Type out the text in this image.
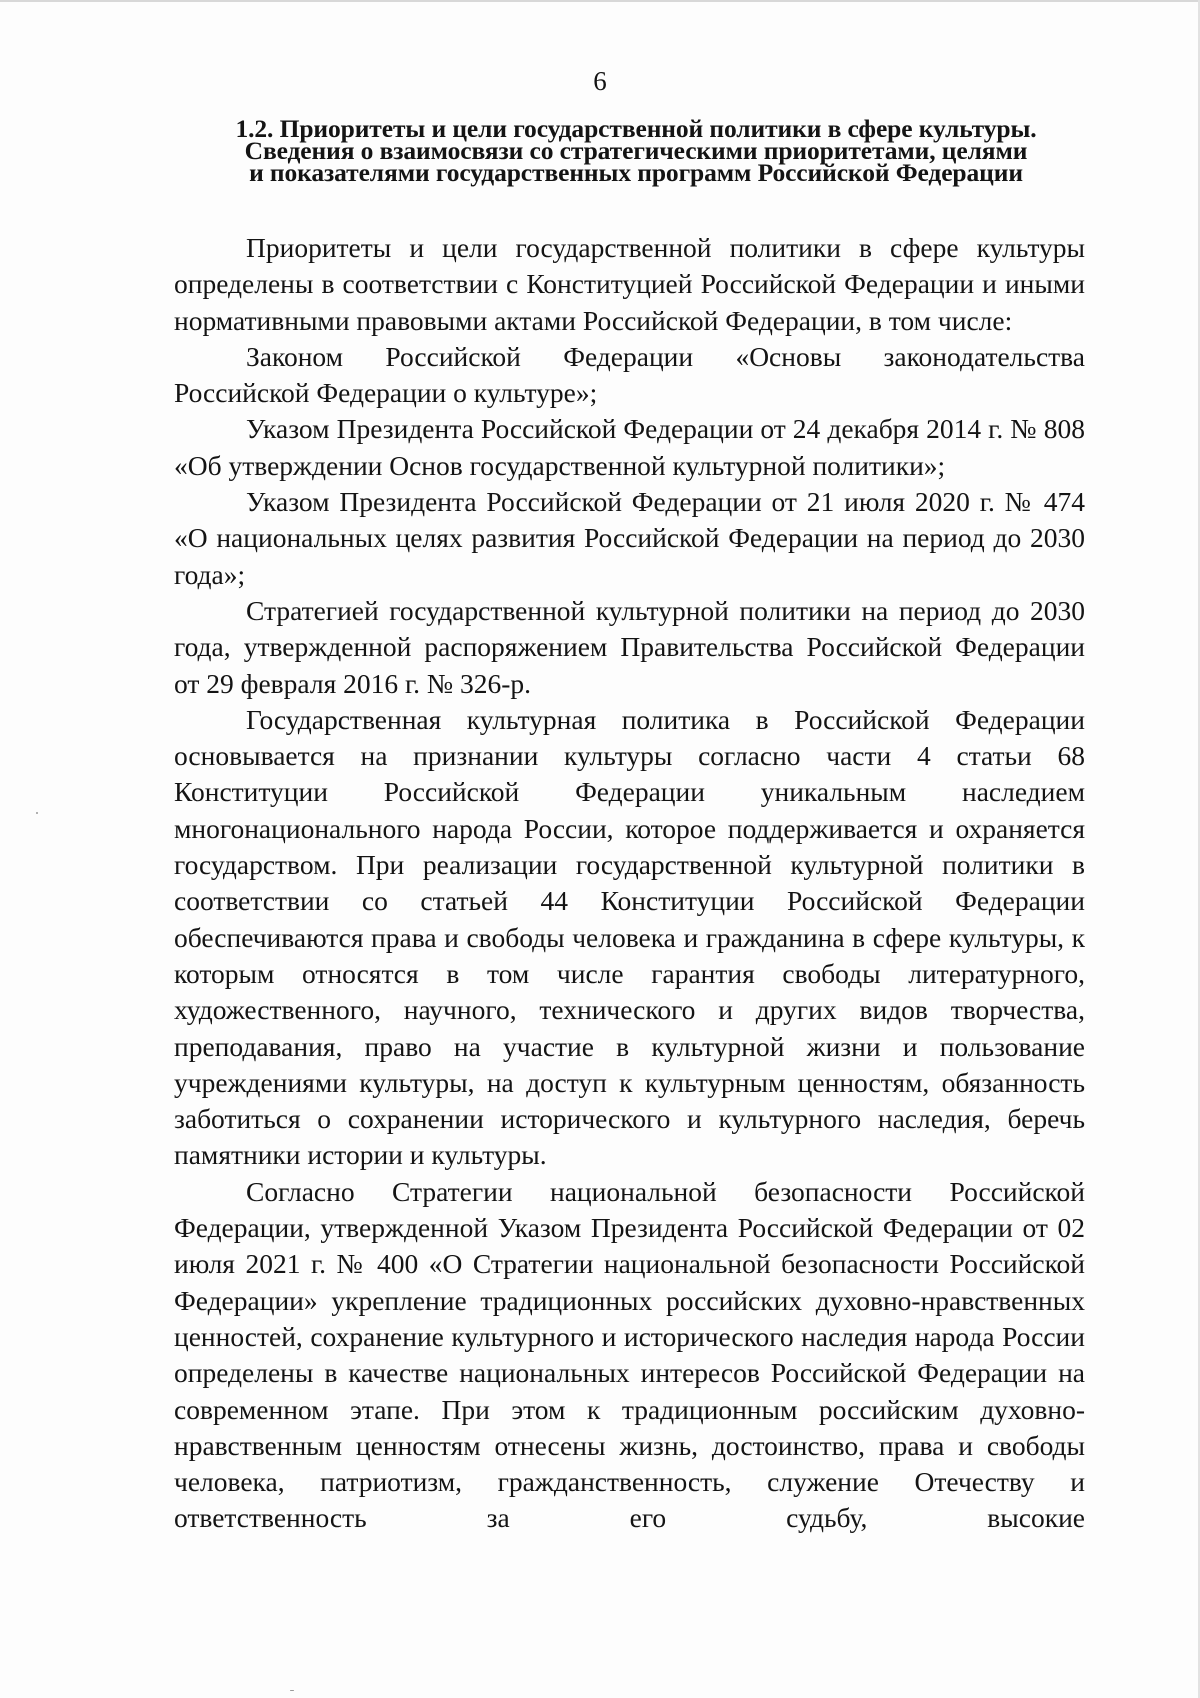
6
1.2. Приоритеты и цели государственной политики в сфере культуры.
Сведения о взаимосвязи со стратегическими приоритетами, целями
и показателями государственных программ Российской Федерации

Приоритеты и цели государственной политики в сфере культуры определены в соответствии с Конституцией Российской Федерации и иными нормативными правовыми актами Российской Федерации, в том числе:

Законом Российской Федерации «Основы законодательства Российской Федерации о культуре»;

Указом Президента Российской Федерации от 24 декабря 2014 г. № 808 «Об утверждении Основ государственной культурной политики»;

Указом Президента Российской Федерации от 21 июля 2020 г. № 474 «О национальных целях развития Российской Федерации на период до 2030 года»;

Стратегией государственной культурной политики на период до 2030 года, утвержденной распоряжением Правительства Российской Федерации от 29 февраля 2016 г. № 326-р.

Государственная культурная политика в Российской Федерации основывается на признании культуры согласно части 4 статьи 68 Конституции Российской Федерации уникальным наследием многонационального народа России, которое поддерживается и охраняется государством. При реализации государственной культурной политики в соответствии со статьей 44 Конституции Российской Федерации обеспечиваются права и свободы человека и гражданина в сфере культуры, к которым относятся в том числе гарантия свободы литературного, художественного, научного, технического и других видов творчества, преподавания, право на участие в культурной жизни и пользование учреждениями культуры, на доступ к культурным ценностям, обязанность заботиться о сохранении исторического и культурного наследия, беречь памятники истории и культуры.

Согласно Стратегии национальной безопасности Российской Федерации, утвержденной Указом Президента Российской Федерации от 02 июля 2021 г. № 400 «О Стратегии национальной безопасности Российской Федерации» укрепление традиционных российских духовно-нравственных ценностей, сохранение культурного и исторического наследия народа России определены в качестве национальных интересов Российской Федерации на современном этапе. При этом к традиционным российским духовно-нравственным ценностям отнесены жизнь, достоинство, права и свободы человека, патриотизм, гражданственность, служение Отечеству и ответственность за его судьбу, высокие
